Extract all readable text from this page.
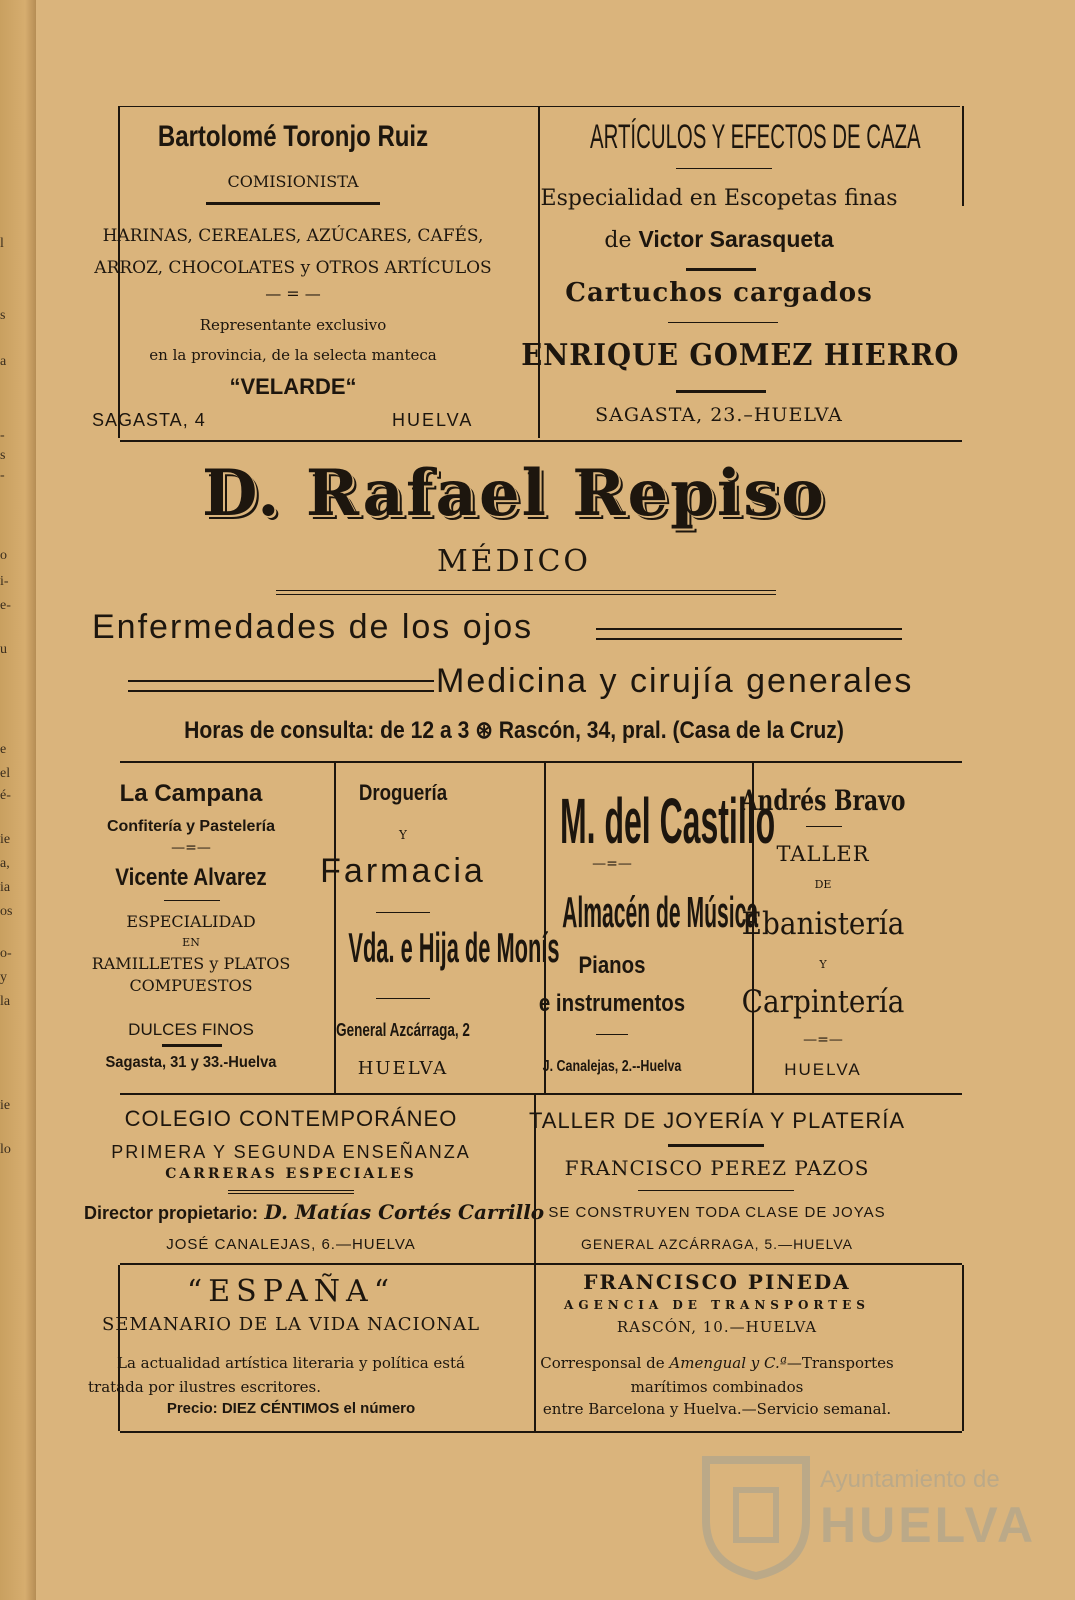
l
s
a
-
s
-
o
i-
e-
u
e
el
é-
ie
a,
ia
os
o-
y
la
ie
lo
Bartolomé Toronjo Ruiz
COMISIONISTA
HARINAS, CEREALES, AZÚCARES, CAFÉS,
ARROZ, CHOCOLATES y OTROS ARTÍCULOS
— = —
Representante exclusivo
en la provincia, de la selecta manteca
“VELARDE“
SAGASTA, 4	HUELVA
ARTÍCULOS Y EFECTOS DE CAZA
Especialidad en Escopetas finas
de Victor Sarasqueta
Cartuchos cargados
ENRIQUE GOMEZ HIERRO
SAGASTA, 23.–HUELVA
D. Rafael Repiso
MÉDICO
Enfermedades de los ojos
Medicina y cirujía generales
Horas de consulta: de 12 a 3 ⊛ Rascón, 34, pral. (Casa de la Cruz)
La Campana
Confitería y Pastelería
—=—
Vicente Alvarez
ESPECIALIDAD
EN
RAMILLETES y PLATOS
COMPUESTOS
DULCES FINOS
Sagasta, 31 y 33.-Huelva
Droguería
Y
Farmacia
Vda. e Hija de Monís
General Azcárraga, 2
HUELVA
M. del Castillo
—=—
Almacén de Música
Pianos
e instrumentos
J. Canalejas, 2.--Huelva
Andrés Bravo
TALLER
DE
Ebanistería
Y
Carpintería
—=—
HUELVA
COLEGIO CONTEMPORÁNEO
PRIMERA Y SEGUNDA ENSEÑANZA
CARRERAS ESPECIALES
Director propietario: D. Matías Cortés Carrillo
JOSÉ CANALEJAS, 6.—HUELVA
TALLER DE JOYERÍA Y PLATERÍA
FRANCISCO PEREZ PAZOS
SE CONSTRUYEN TODA CLASE DE JOYAS
GENERAL AZCÁRRAGA, 5.—HUELVA
“ESPAÑA“
SEMANARIO DE LA VIDA NACIONAL
La actualidad artística literaria y política está
tratada por ilustres escritores.
Precio: DIEZ CÉNTIMOS el número
FRANCISCO PINEDA
AGENCIA DE TRANSPORTES
RASCÓN, 10.—HUELVA
Corresponsal de Amengual y C.ª—Transportes
marítimos combinados
entre Barcelona y Huelva.—Servicio semanal.
Ayuntamiento de
HUELVA
